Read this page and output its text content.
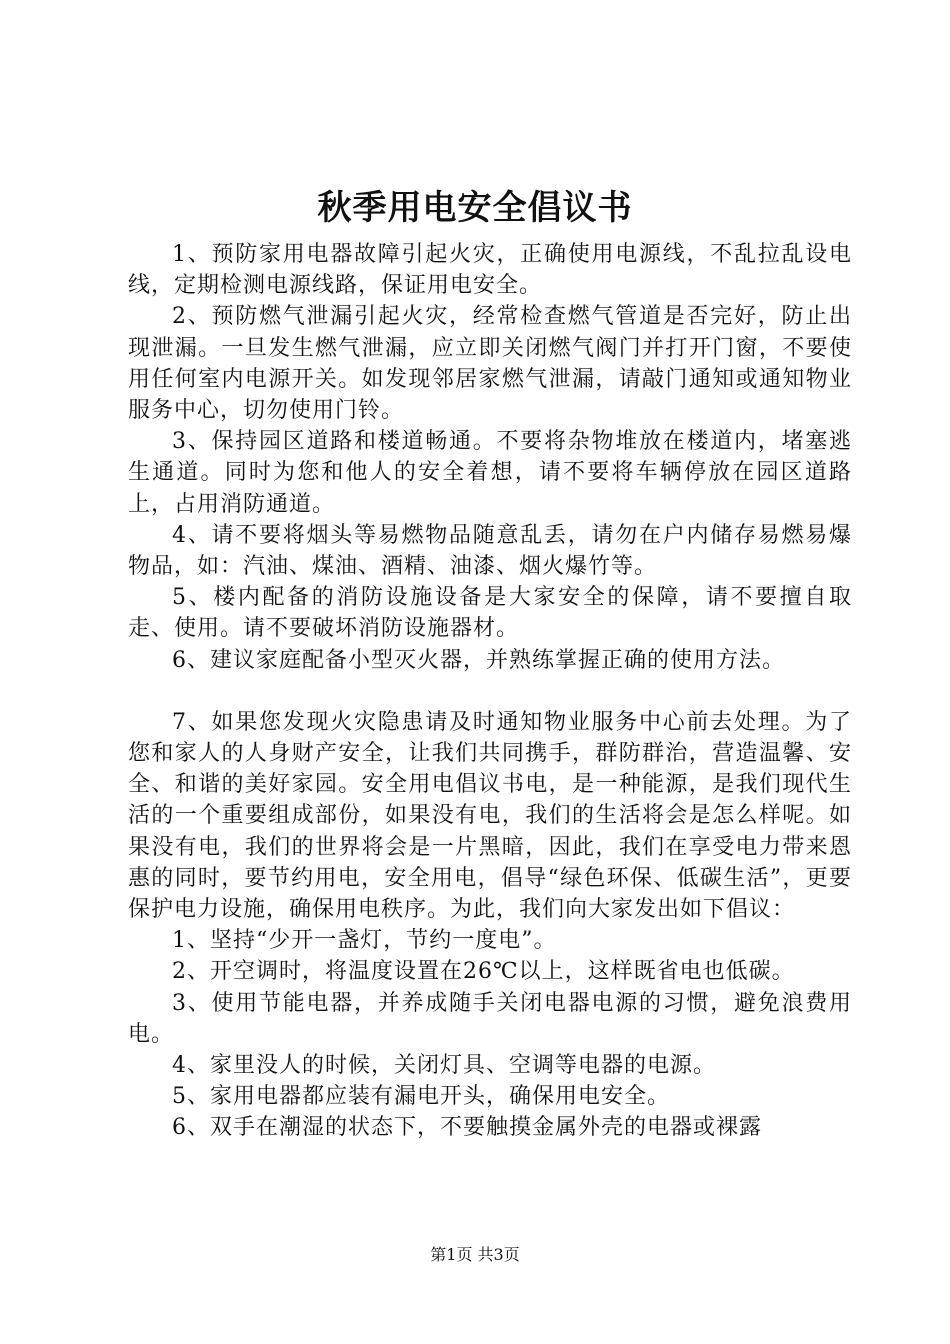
秋季用电安全倡议书

1、预防家用电器故障引起火灾，正确使用电源线，不乱拉乱设电线，定期检测电源线路，保证用电安全。

2、预防燃气泄漏引起火灾，经常检查燃气管道是否完好，防止出现泄漏。一旦发生燃气泄漏，应立即关闭燃气阀门并打开门窗，不要使用任何室内电源开关。如发现邻居家燃气泄漏，请敲门通知或通知物业服务中心，切勿使用门铃。

3、保持园区道路和楼道畅通。不要将杂物堆放在楼道内，堵塞逃生通道。同时为您和他人的安全着想，请不要将车辆停放在园区道路上，占用消防通道。

4、请不要将烟头等易燃物品随意乱丢，请勿在户内储存易燃易爆物品，如：汽油、煤油、酒精、油漆、烟火爆竹等。

5、楼内配备的消防设施设备是大家安全的保障，请不要擅自取走、使用。请不要破坏消防设施器材。

6、建议家庭配备小型灭火器，并熟练掌握正确的使用方法。

7、如果您发现火灾隐患请及时通知物业服务中心前去处理。为了您和家人的人身财产安全，让我们共同携手，群防群治，营造温馨、安全、和谐的美好家园。安全用电倡议书电，是一种能源，是我们现代生活的一个重要组成部份，如果没有电，我们的生活将会是怎么样呢。如果没有电，我们的世界将会是一片黑暗，因此，我们在享受电力带来恩惠的同时，要节约用电，安全用电，倡导“绿色环保、低碳生活”，更要保护电力设施，确保用电秩序。为此，我们向大家发出如下倡议：

1、坚持“少开一盏灯，节约一度电”。

2、开空调时，将温度设置在26℃以上，这样既省电也低碳。

3、使用节能电器，并养成随手关闭电器电源的习惯，避免浪费用电。

4、家里没人的时候，关闭灯具、空调等电器的电源。

5、家用电器都应装有漏电开头，确保用电安全。

6、双手在潮湿的状态下，不要触摸金属外壳的电器或裸露

第1页 共3页
